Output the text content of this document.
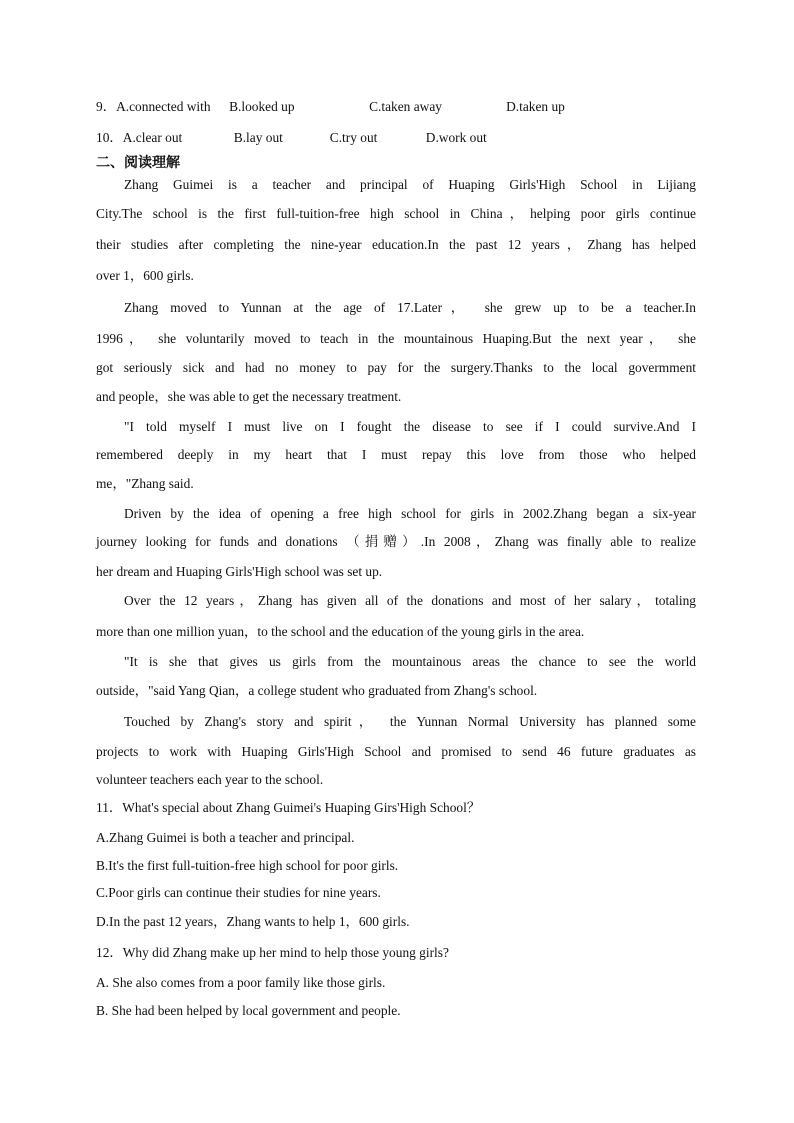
9．A.connected with B.looked up	C.taken away	D.taken up
10．A.clear out	B.lay out	C.try out	D.work out
二、阅读理解
Zhang Guimei is a teacher and principal of Huaping Girls'High School in Lijiang
City.The school is the first full-tuition-free high school in China，helping poor girls continue
their studies after completing the nine-year education.In the past 12 years，Zhang has helped
over 1，600 girls.
Zhang moved to Yunnan at the age of 17.Later， she grew up to be a teacher.In
1996， she voluntarily moved to teach in the mountainous Huaping.But the next year， she
got seriously sick and had no money to pay for the surgery.Thanks to the local govermment
and people，she was able to get the necessary treatment.
"I told myself I must live on I fought the disease to see if I could survive.And I
remembered deeply in my heart that I must repay this love from those who helped
me，"Zhang said.
Driven by the idea of opening a free high school for girls in 2002.Zhang began a six-year
journey looking for funds and donations （捐赠）.In 2008，Zhang was finally able to realize
her dream and Huaping Girls'High school was set up.
Over the 12 years，Zhang has given all of the donations and most of her salary，totaling
more than one million yuan，to the school and the education of the young girls in the area.
"It is she that gives us girls from the mountainous areas the chance to see the world
outside，"said Yang Qian，a college student who graduated from Zhang's school.
Touched by Zhang's story and spirit， the Yunnan Normal University has planned some
projects to work with Huaping Girls'High School and promised to send 46 future graduates as
volunteer teachers each year to the school.
11．What's special about Zhang Guimei's Huaping Girs'High School？
A.Zhang Guimei is both a teacher and principal.
B.It's the first full-tuition-free high school for poor girls.
C.Poor girls can continue their studies for nine years.
D.In the past 12 years，Zhang wants to help 1，600 girls.
12．Why did Zhang make up her mind to help those young girls?
A. She also comes from a poor family like those girls.
B. She had been helped by local government and people.
